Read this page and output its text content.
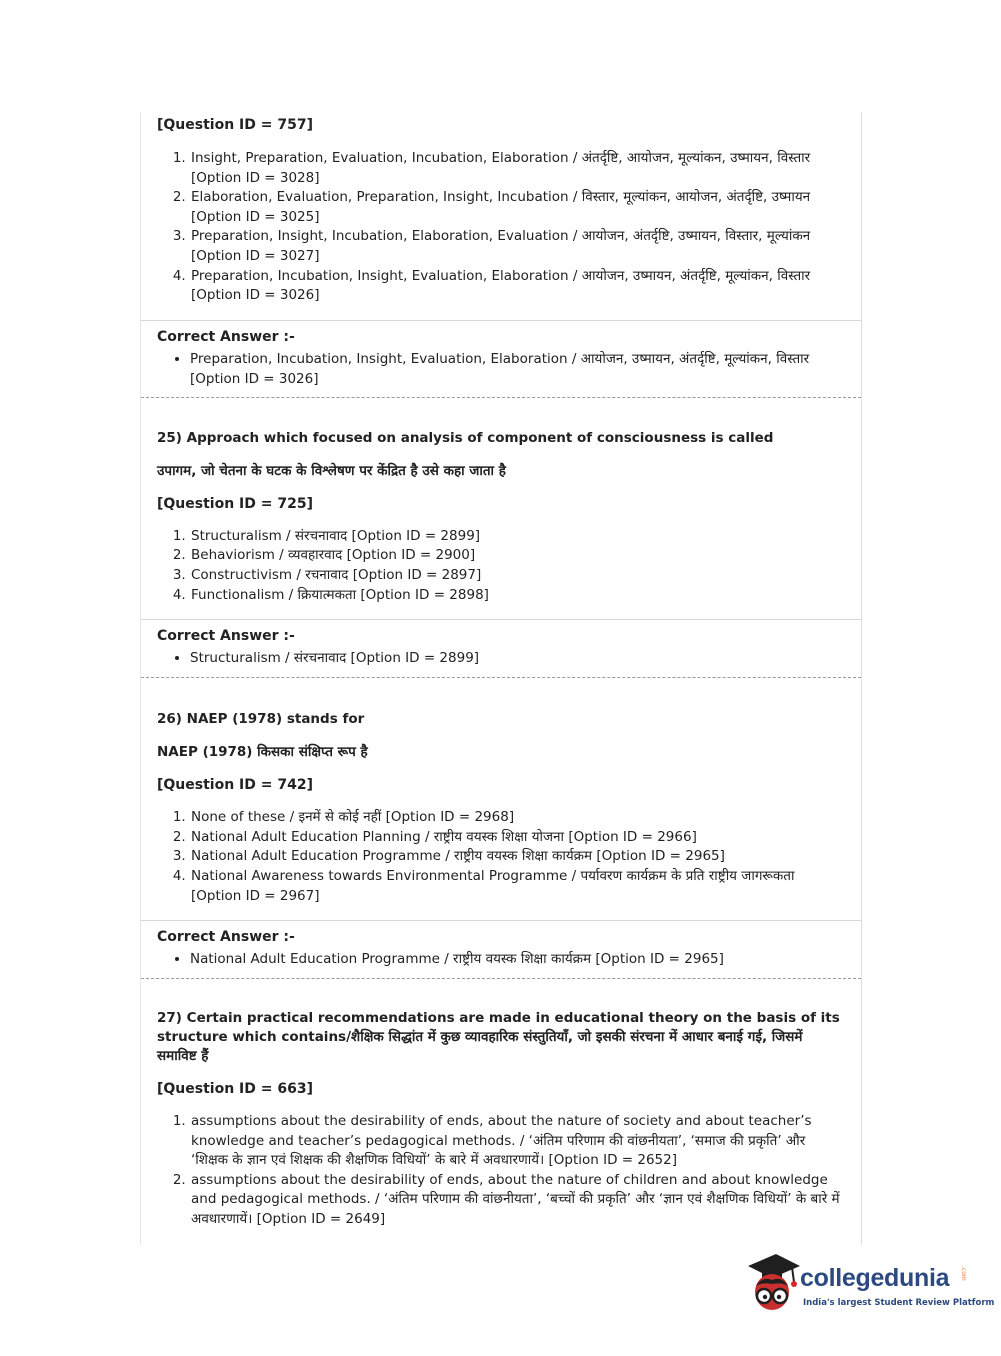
[Question ID = 757]

1. Insight, Preparation, Evaluation, Incubation, Elaboration / अंतर्दृष्टि, आयोजन, मूल्यांकन, उष्मायन, विस्तार [Option ID = 3028]
2. Elaboration, Evaluation, Preparation, Insight, Incubation / विस्तार, मूल्यांकन, आयोजन, अंतर्दृष्टि, उष्मायन [Option ID = 3025]
3. Preparation, Insight, Incubation, Elaboration, Evaluation / आयोजन, अंतर्दृष्टि, उष्मायन, विस्तार, मूल्यांकन [Option ID = 3027]
4. Preparation, Incubation, Insight, Evaluation, Elaboration / आयोजन, उष्मायन, अंतर्दृष्टि, मूल्यांकन, विस्तार [Option ID = 3026]

Correct Answer :-

• Preparation, Incubation, Insight, Evaluation, Elaboration / आयोजन, उष्मायन, अंतर्दृष्टि, मूल्यांकन, विस्तार [Option ID = 3026]

25) Approach which focused on analysis of component of consciousness is called

उपागम, जो चेतना के घटक के विश्लेषण पर केंद्रित है उसे कहा जाता है

[Question ID = 725]

1. Structuralism / संरचनावाद [Option ID = 2899]
2. Behaviorism / व्यवहारवाद [Option ID = 2900]
3. Constructivism / रचनावाद [Option ID = 2897]
4. Functionalism / क्रियात्मकता [Option ID = 2898]

Correct Answer :-

• Structuralism / संरचनावाद [Option ID = 2899]

26) NAEP (1978) stands for

NAEP (1978) किसका संक्षिप्त रूप है

[Question ID = 742]

1. None of these / इनमें से कोई नहीं [Option ID = 2968]
2. National Adult Education Planning / राष्ट्रीय वयस्क शिक्षा योजना [Option ID = 2966]
3. National Adult Education Programme / राष्ट्रीय वयस्क शिक्षा कार्यक्रम [Option ID = 2965]
4. National Awareness towards Environmental Programme / पर्यावरण कार्यक्रम के प्रति राष्ट्रीय जागरूकता [Option ID = 2967]

Correct Answer :-

• National Adult Education Programme / राष्ट्रीय वयस्क शिक्षा कार्यक्रम [Option ID = 2965]

27) Certain practical recommendations are made in educational theory on the basis of its structure which contains/शैक्षिक सिद्धांत में कुछ व्यावहारिक संस्तुतियाँ, जो इसकी संरचना में आधार बनाई गई, जिसमें समाविष्ट हैं

[Question ID = 663]

1. assumptions about the desirability of ends, about the nature of society and about teacher’s knowledge and teacher’s pedagogical methods. / ‘अंतिम परिणाम की वांछनीयता’, ‘समाज की प्रकृति’ और ‘शिक्षक के ज्ञान एवं शिक्षक की शैक्षणिक विधियों’ के बारे में अवधारणायें। [Option ID = 2652]
2. assumptions about the desirability of ends, about the nature of children and about knowledge and pedagogical methods. / ‘अंतिम परिणाम की वांछनीयता’, ‘बच्चों की प्रकृति’ और ‘ज्ञान एवं शैक्षणिक विधियों’ के बारे में अवधारणायें। [Option ID = 2649]
collegedunia .com
India's largest Student Review Platform
